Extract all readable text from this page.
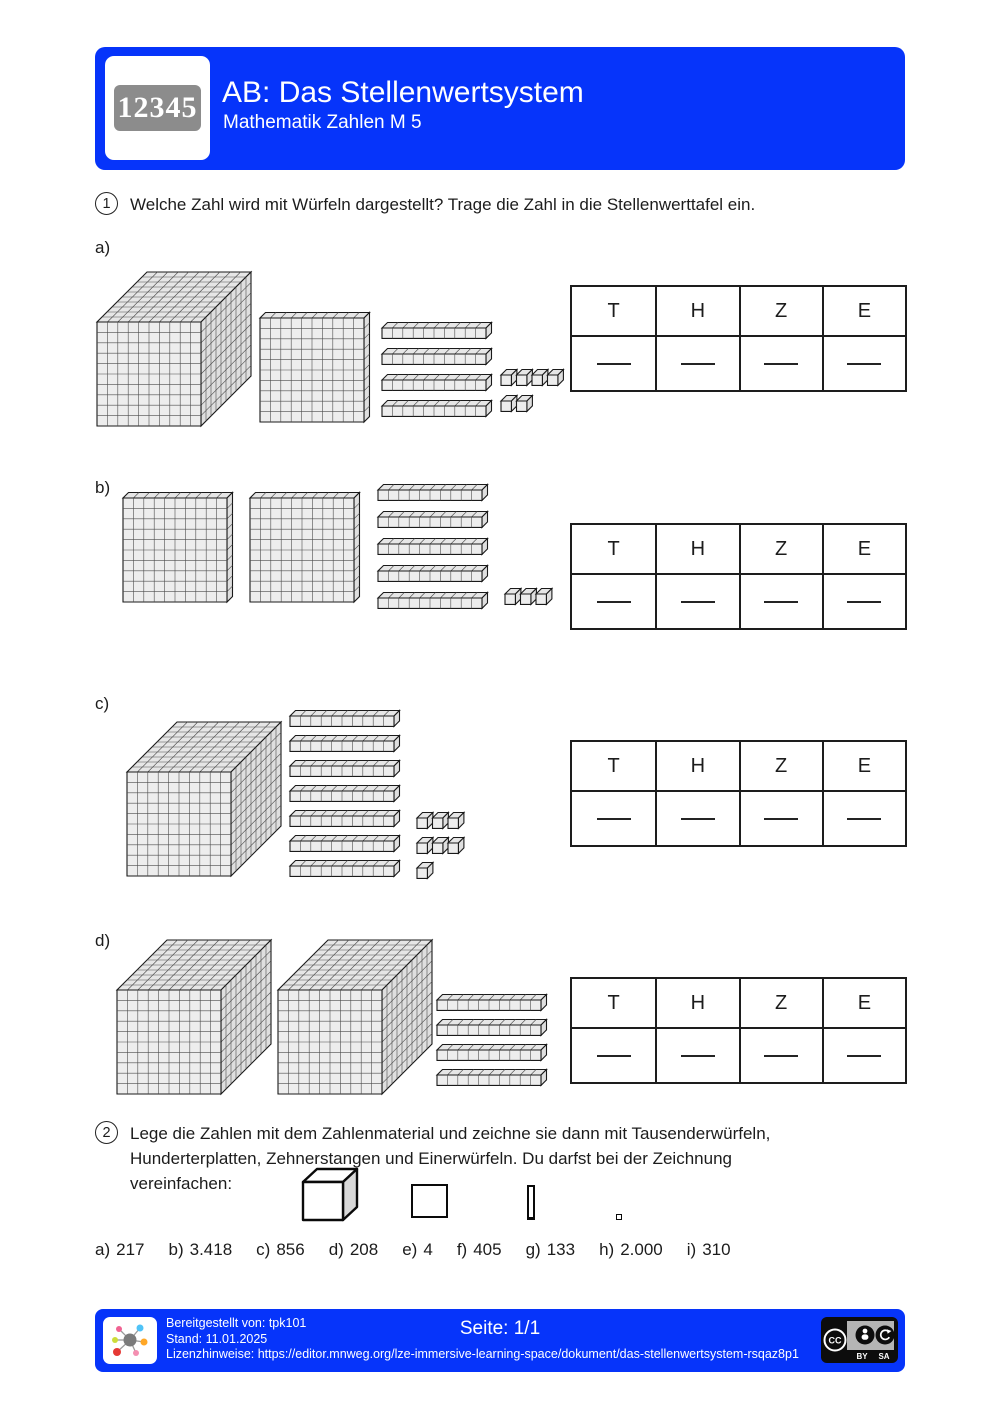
12345 AB: Das Stellenwertsystem
Mathematik Zahlen M 5
1 Welche Zahl wird mit Würfeln dargestellt? Trage die Zahl in die Stellenwerttafel ein.
a)
T	H	Z	E
b)
T	H	Z	E
c)
T	H	Z	E
d)
T	H	Z	E
2 Lege die Zahlen mit dem Zahlenmaterial und zeichne sie dann mit Tausenderwürfeln,
Hunderterplatten, Zehnerstangen und Einerwürfeln. Du darfst bei der Zeichnung
vereinfachen:
a) 217 b) 3.418 c) 856 d) 208 e) 4 f) 405 g) 133 h) 2.000 i) 310
Bereitgestellt von: tpk101
Stand: 11.01.2025
Lizenzhinweise: https://editor.mnweg.org/lze-immersive-learning-space/dokument/das-stellenwertsystem-rsqaz8p1
Seite: 1/1
CC
BY SA
